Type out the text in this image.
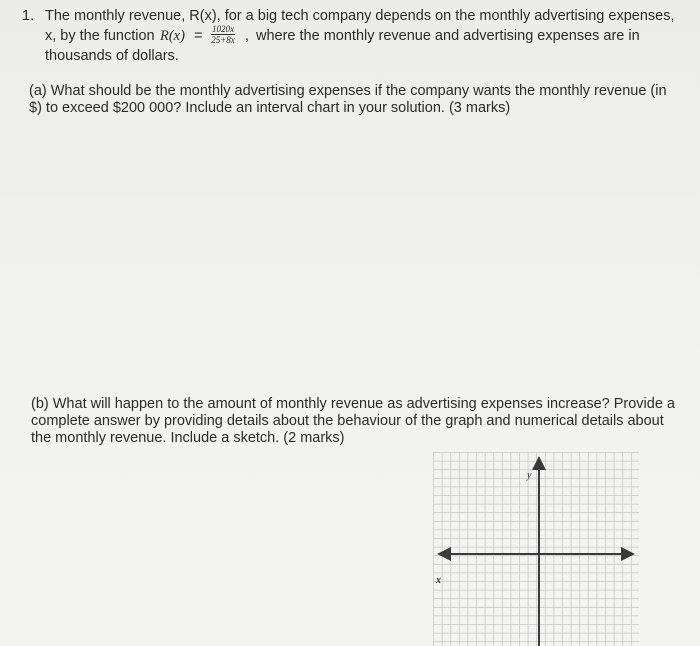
1. The monthly revenue, R(x), for a big tech company depends on the monthly advertising expenses,
x, by the function $R(x) = \frac{1020x}{25+8x}$ , where the monthly revenue and advertising expenses are in
thousands of dollars.
(a) What should be the monthly advertising expenses if the company wants the monthly revenue (in
$) to exceed $200 000? Include an interval chart in your solution. (3 marks)
(b) What will happen to the amount of monthly revenue as advertising expenses increase? Provide a
complete answer by providing details about the behaviour of the graph and numerical details about
the monthly revenue. Include a sketch. (2 marks)
y
x
